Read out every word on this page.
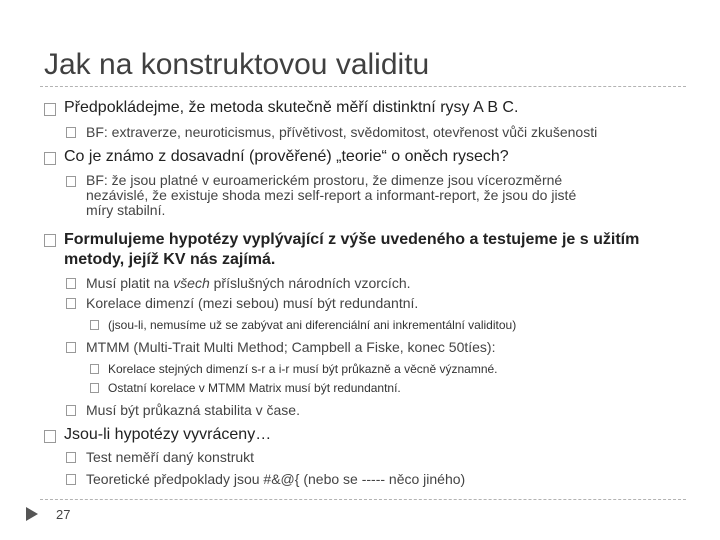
Jak na konstruktovou validitu
Předpokládejme, že metoda skutečně měří distinktní rysy A B C.
BF: extraverze, neuroticismus, přívětivost, svědomitost, otevřenost vůči zkušenosti
Co je známo z dosavadní (prověřené) „teorie“ o oněch rysech?
BF: že jsou platné v euroamerickém prostoru, že dimenze jsou vícerozměrné
nezávislé, že existuje shoda mezi self-report a informant-report, že jsou do jisté
míry stabilní.
Formulujeme hypotézy vyplývající z výše uvedeného a testujeme je s užitím
metody, jejíž KV nás zajímá.
Musí platit na všech příslušných národních vzorcích.
Korelace dimenzí (mezi sebou) musí být redundantní.
(jsou-li, nemusíme už se zabývat ani diferenciální ani inkrementální validitou)
MTMM (Multi-Trait Multi Method; Campbell a Fiske, konec 50tíes):
Korelace stejných dimenzí s-r a i-r musí být průkazně a věcně významné.
Ostatní korelace v MTMM Matrix musí být redundantní.
Musí být průkazná stabilita v čase.
Jsou-li hypotézy vyvráceny…
Test neměří daný konstrukt
Teoretické předpoklady jsou #&@{ (nebo se ----- něco jiného)
27
